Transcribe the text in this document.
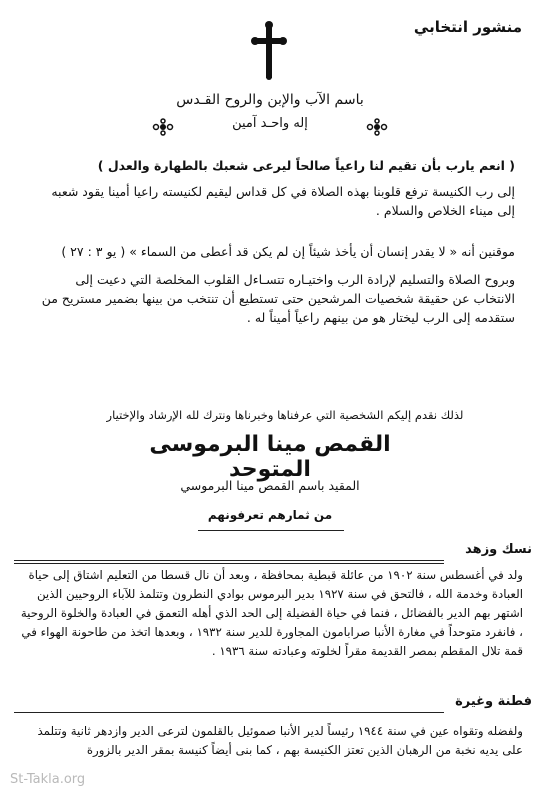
منشور انتخابي
باسم الآب والإبن والروح القـدس
إله واحـد آمين
( انعم يارب بأن تقيم لنا راعياً صالحاً ليرعى شعبك بالطهارة والعدل )
إلى رب الكنيسة ترفع قلوبنا بهذه الصلاة في كل قداس ليقيم لكنيسته راعيا أمينا يقود شعبه إلى ميناء الخلاص والسلام .
موقنين أنه « لا يقدر إنسان أن يأخذ شيئاً إن لم يكن قد أعطى من السماء » ( يو ٣ : ٢٧ )
وبروح الصلاة والتسليم لإرادة الرب واختيـاره تتسـاءل القلوب المخلصة التي دعيت إلى الانتخاب عن حقيقة شخصيات المرشحين حتى تستطيع أن تنتخب من بينها بضمير مستريح من ستقدمه إلى الرب ليختار هو من بينهم راعياً أميناً له .
لذلك نقدم إليكم الشخصية التي عرفناها وخبرناها ونترك لله الإرشاد والإختيار
القمص مينا البرموسى المتوحد
المقيد باسم القمص مينا البرموسي
من ثمارهم تعرفونهم
نسك وزهد
ولد في أغسطس سنة ١٩٠٢ من عائلة قبطية بمحافظة ، وبعد أن نال قسطا من التعليم اشتاق إلى حياة العبادة وخدمة الله ، فالتحق في سنة ١٩٢٧ بدير البرموس بوادي النطرون وتتلمذ للآباء الروحيين الذين اشتهر بهم الدير بالفضائل ، فنما في حياة الفضيلة إلى الحد الذي أهله التعمق في العبادة والخلوة الروحية ، فانفرد متوحداً في مغارة الأنبا صرابامون المجاورة للدير سنة ١٩٣٢ ، وبعدها اتخذ من طاحونة الهواء في قمة تلال المقطم بمصر القديمة مقراً لخلوته وعبادته سنة ١٩٣٦ .
فطنة وغيرة
ولفضله وتقواه عين في سنة ١٩٤٤ رئيساً لدير الأنبا صموئيل بالقلمون لترعى الدير وازدهر ثانية وتتلمذ على يديه نخبة من الرهبان الذين تعتز الكنيسة بهم ، كما بنى أيضاً كنيسة بمقر الدير بالزورة
St-Takla.org
